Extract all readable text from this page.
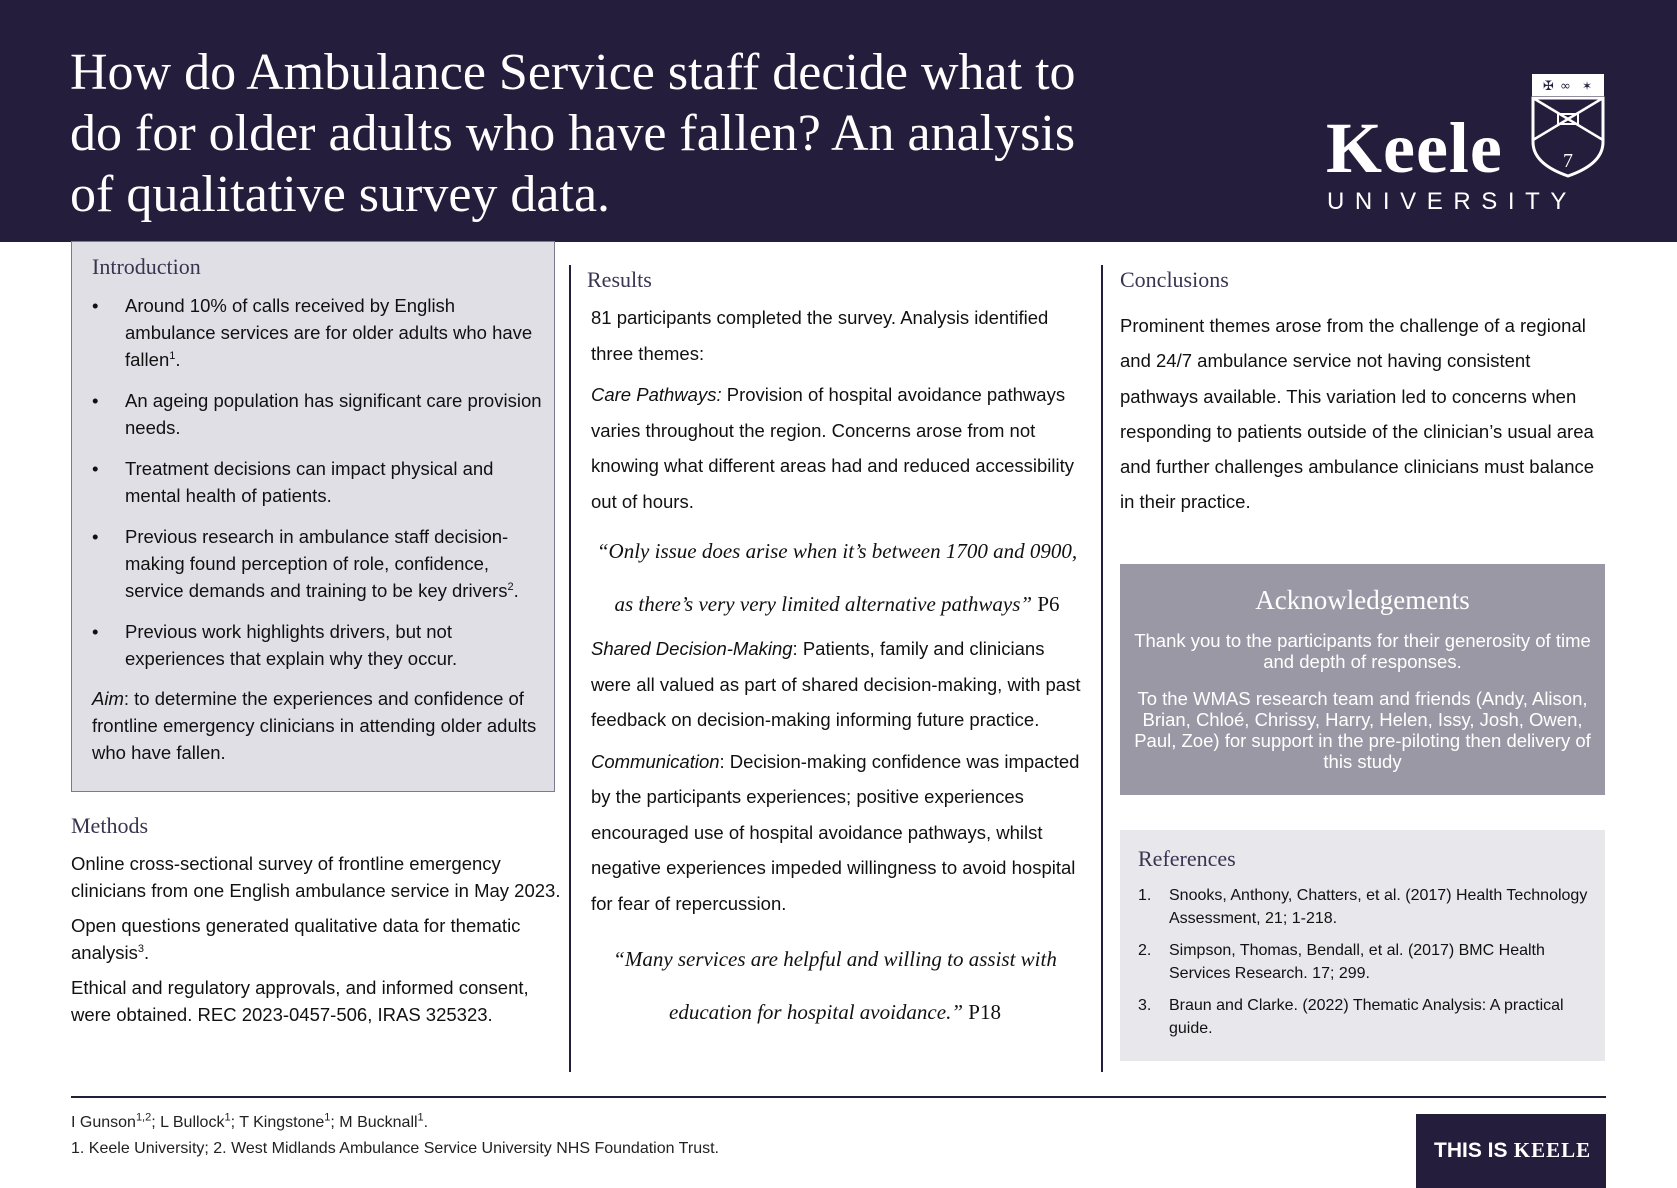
How do Ambulance Service staff decide what to do for older adults who have fallen? An analysis of qualitative survey data.
Keele
UNIVERSITY
✠ ∞ ✶
7
Introduction
• Around 10% of calls received by English ambulance services are for older adults who have fallen$^1$.
• An ageing population has significant care provision needs.
• Treatment decisions can impact physical and mental health of patients.
• Previous research in ambulance staff decision-making found perception of role, confidence, service demands and training to be key drivers$^2$.
• Previous work highlights drivers, but not experiences that explain why they occur.

Aim: to determine the experiences and confidence of frontline emergency clinicians in attending older adults who have fallen.

Methods

Online cross-sectional survey of frontline emergency clinicians from one English ambulance service in May 2023.

Open questions generated qualitative data for thematic analysis$^3$.

Ethical and regulatory approvals, and informed consent, were obtained. REC 2023-0457-506, IRAS 325323.

Results

81 participants completed the survey. Analysis identified three themes:

Care Pathways: Provision of hospital avoidance pathways varies throughout the region. Concerns arose from not knowing what different areas had and reduced accessibility out of hours.

“Only issue does arise when it’s between 1700 and 0900, as there’s very very limited alternative pathways” P6

Shared Decision-Making: Patients, family and clinicians were all valued as part of shared decision-making, with past feedback on decision-making informing future practice.

Communication: Decision-making confidence was impacted by the participants experiences; positive experiences encouraged use of hospital avoidance pathways, whilst negative experiences impeded willingness to avoid hospital for fear of repercussion.

“Many services are helpful and willing to assist with education for hospital avoidance.” P18

Conclusions

Prominent themes arose from the challenge of a regional and 24/7 ambulance service not having consistent pathways available. This variation led to concerns when responding to patients outside of the clinician’s usual area and further challenges ambulance clinicians must balance in their practice.

Acknowledgements

Thank you to the participants for their generosity of time and depth of responses.

To the WMAS research team and friends (Andy, Alison, Brian, Chloé, Chrissy, Harry, Helen, Issy, Josh, Owen, Paul, Zoe) for support in the pre-piloting then delivery of this study

References
1. Snooks, Anthony, Chatters, et al. (2017) Health Technology Assessment, 21; 1-218.
2. Simpson, Thomas, Bendall, et al. (2017) BMC Health Services Research. 17; 299.
3. Braun and Clarke. (2022) Thematic Analysis: A practical guide.
I Gunson$^{1,2}$; L Bullock$^1$; T Kingstone$^1$; M Bucknall$^1$.
1. Keele University; 2. West Midlands Ambulance Service University NHS Foundation Trust.	THIS IS KEELE
